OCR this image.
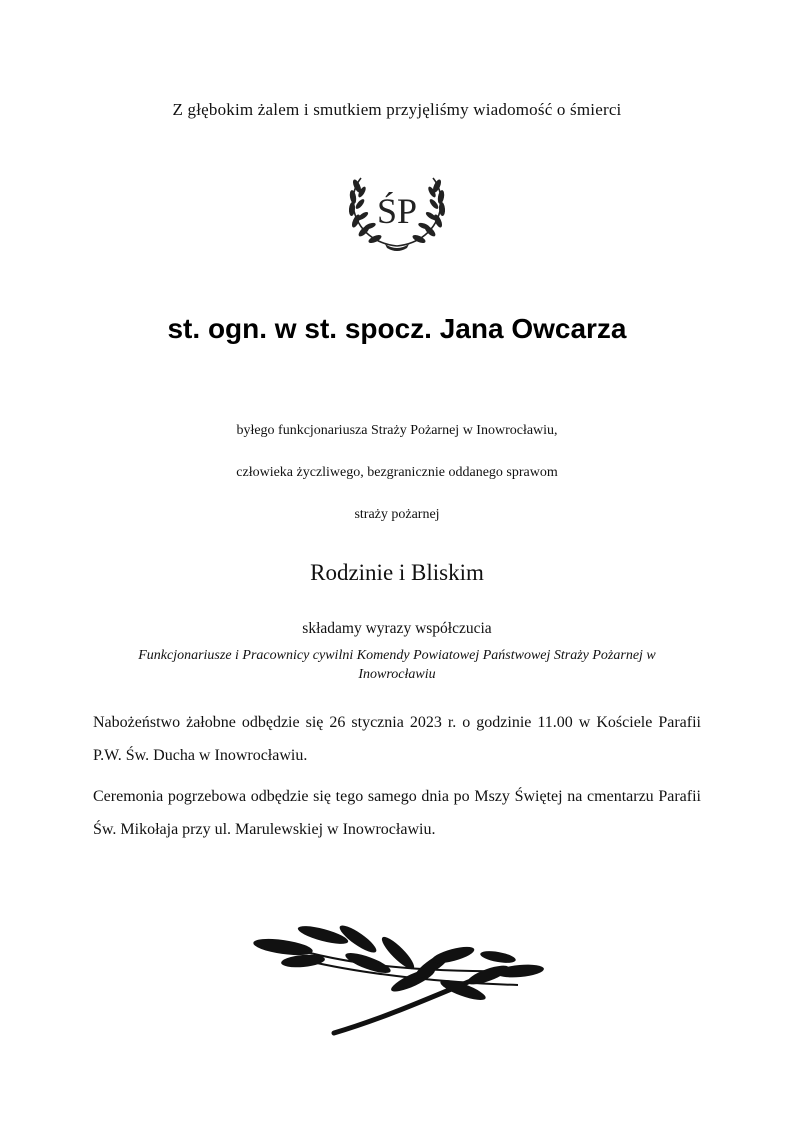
Z głębokim żalem i smutkiem przyjęliśmy wiadomość o śmierci
ŚP
st. ogn. w st. spocz. Jana Owcarza
byłego funkcjonariusza Straży Pożarnej w Inowrocławiu,
człowieka życzliwego, bezgranicznie oddanego sprawom
straży pożarnej
Rodzinie i Bliskim
składamy wyrazy współczucia
Funkcjonariusze i Pracownicy cywilni Komendy Powiatowej Państwowej Straży Pożarnej w Inowrocławiu

Nabożeństwo żałobne odbędzie się 26 stycznia 2023 r. o godzinie 11.00 w Kościele Parafii P.W. Św. Ducha w Inowrocławiu.

Ceremonia pogrzebowa odbędzie się tego samego dnia po Mszy Świętej na cmentarzu Parafii Św. Mikołaja przy ul. Marulewskiej w Inowrocławiu.
